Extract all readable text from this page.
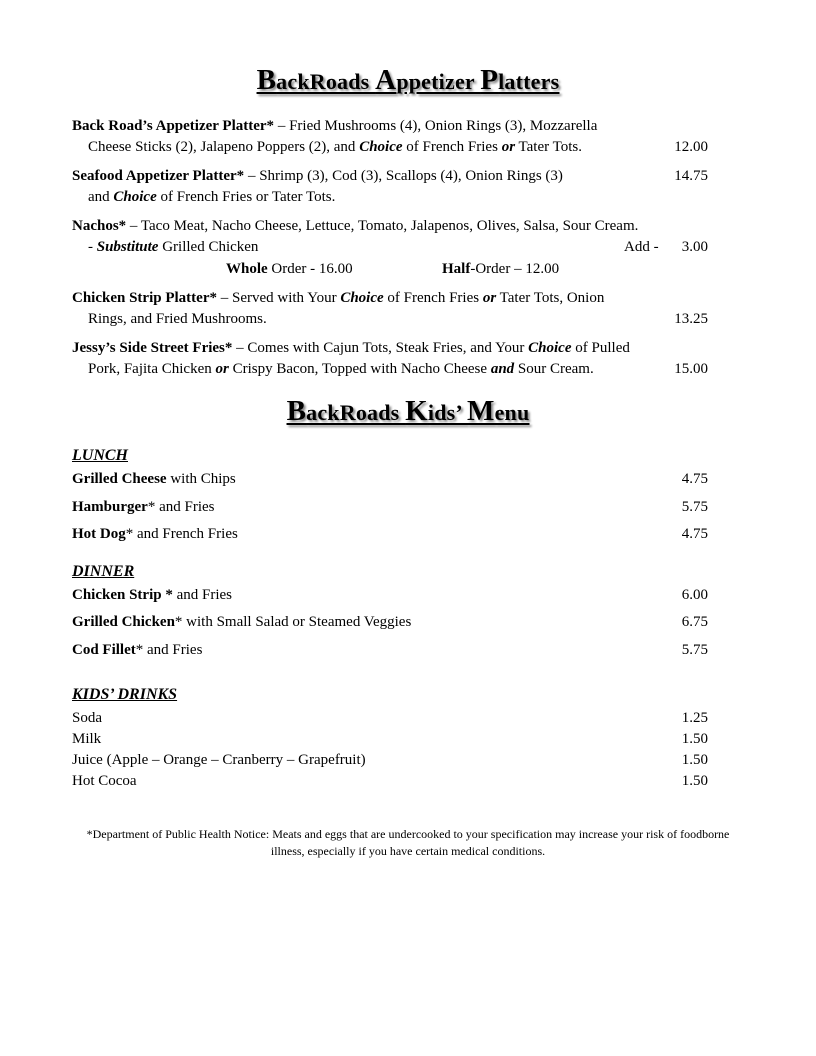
BackRoads Appetizer Platters
Back Road’s Appetizer Platter* – Fried Mushrooms (4), Onion Rings (3), Mozzarella
Cheese Sticks (2), Jalapeno Poppers (2), and Choice of French Fries or Tater Tots.	12.00
Seafood Appetizer Platter* – Shrimp (3), Cod (3), Scallops (4), Onion Rings (3)	14.75
and Choice of French Fries or Tater Tots.
Nachos* – Taco Meat, Nacho Cheese, Lettuce, Tomato, Jalapenos, Olives, Salsa, Sour Cream.
- Substitute Grilled Chicken	Add - 3.00
Whole Order - 16.00	Half-Order – 12.00
Chicken Strip Platter* – Served with Your Choice of French Fries or Tater Tots, Onion
Rings, and Fried Mushrooms.	13.25
Jessy’s Side Street Fries* – Comes with Cajun Tots, Steak Fries, and Your Choice of Pulled
Pork, Fajita Chicken or Crispy Bacon, Topped with Nacho Cheese and Sour Cream.	15.00
BackRoads Kids’ Menu
LUNCH
Grilled Cheese with Chips	4.75
Hamburger* and Fries	5.75
Hot Dog* and French Fries	4.75
DINNER
Chicken Strip * and Fries	6.00
Grilled Chicken* with Small Salad or Steamed Veggies	6.75
Cod Fillet* and Fries	5.75
KIDS’ DRINKS
Soda	1.25
Milk	1.50
Juice (Apple – Orange – Cranberry – Grapefruit)	1.50
Hot Cocoa	1.50
*Department of Public Health Notice: Meats and eggs that are undercooked to your specification may increase your risk of foodborne
illness, especially if you have certain medical conditions.
